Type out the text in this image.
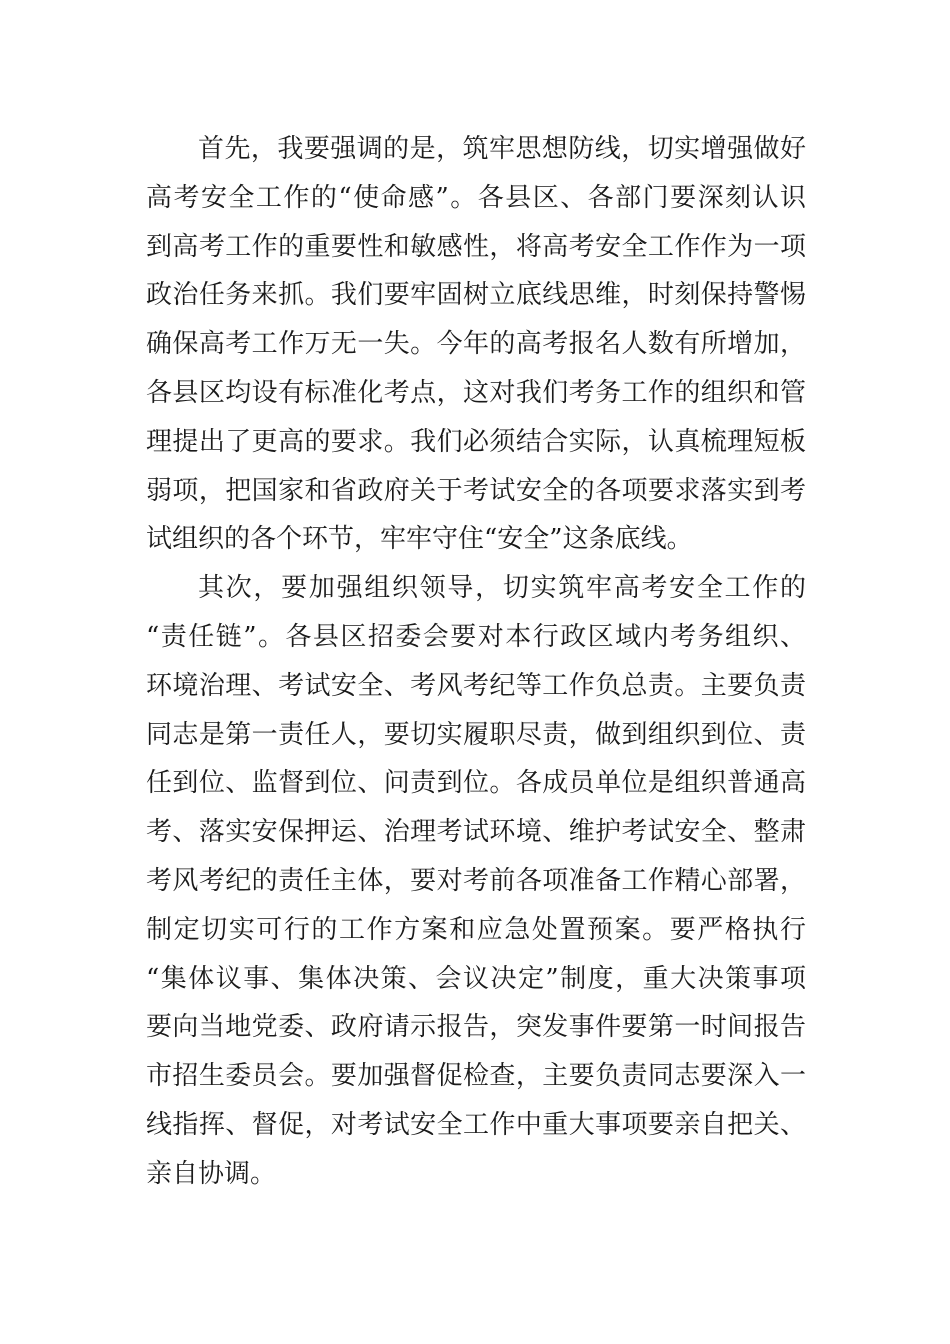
首先，我要强调的是，筑牢思想防线，切实增强做好
高考安全工作的“使命感”。各县区、各部门要深刻认识
到高考工作的重要性和敏感性，将高考安全工作作为一项
政治任务来抓。我们要牢固树立底线思维，时刻保持警惕
确保高考工作万无一失。今年的高考报名人数有所增加，
各县区均设有标准化考点，这对我们考务工作的组织和管
理提出了更高的要求。我们必须结合实际，认真梳理短板
弱项，把国家和省政府关于考试安全的各项要求落实到考
试组织的各个环节，牢牢守住“安全”这条底线。
其次，要加强组织领导，切实筑牢高考安全工作的
“责任链”。各县区招委会要对本行政区域内考务组织、
环境治理、考试安全、考风考纪等工作负总责。主要负责
同志是第一责任人，要切实履职尽责，做到组织到位、责
任到位、监督到位、问责到位。各成员单位是组织普通高
考、落实安保押运、治理考试环境、维护考试安全、整肃
考风考纪的责任主体，要对考前各项准备工作精心部署，
制定切实可行的工作方案和应急处置预案。要严格执行
“集体议事、集体决策、会议决定”制度，重大决策事项
要向当地党委、政府请示报告，突发事件要第一时间报告
市招生委员会。要加强督促检查，主要负责同志要深入一
线指挥、督促，对考试安全工作中重大事项要亲自把关、
亲自协调。
